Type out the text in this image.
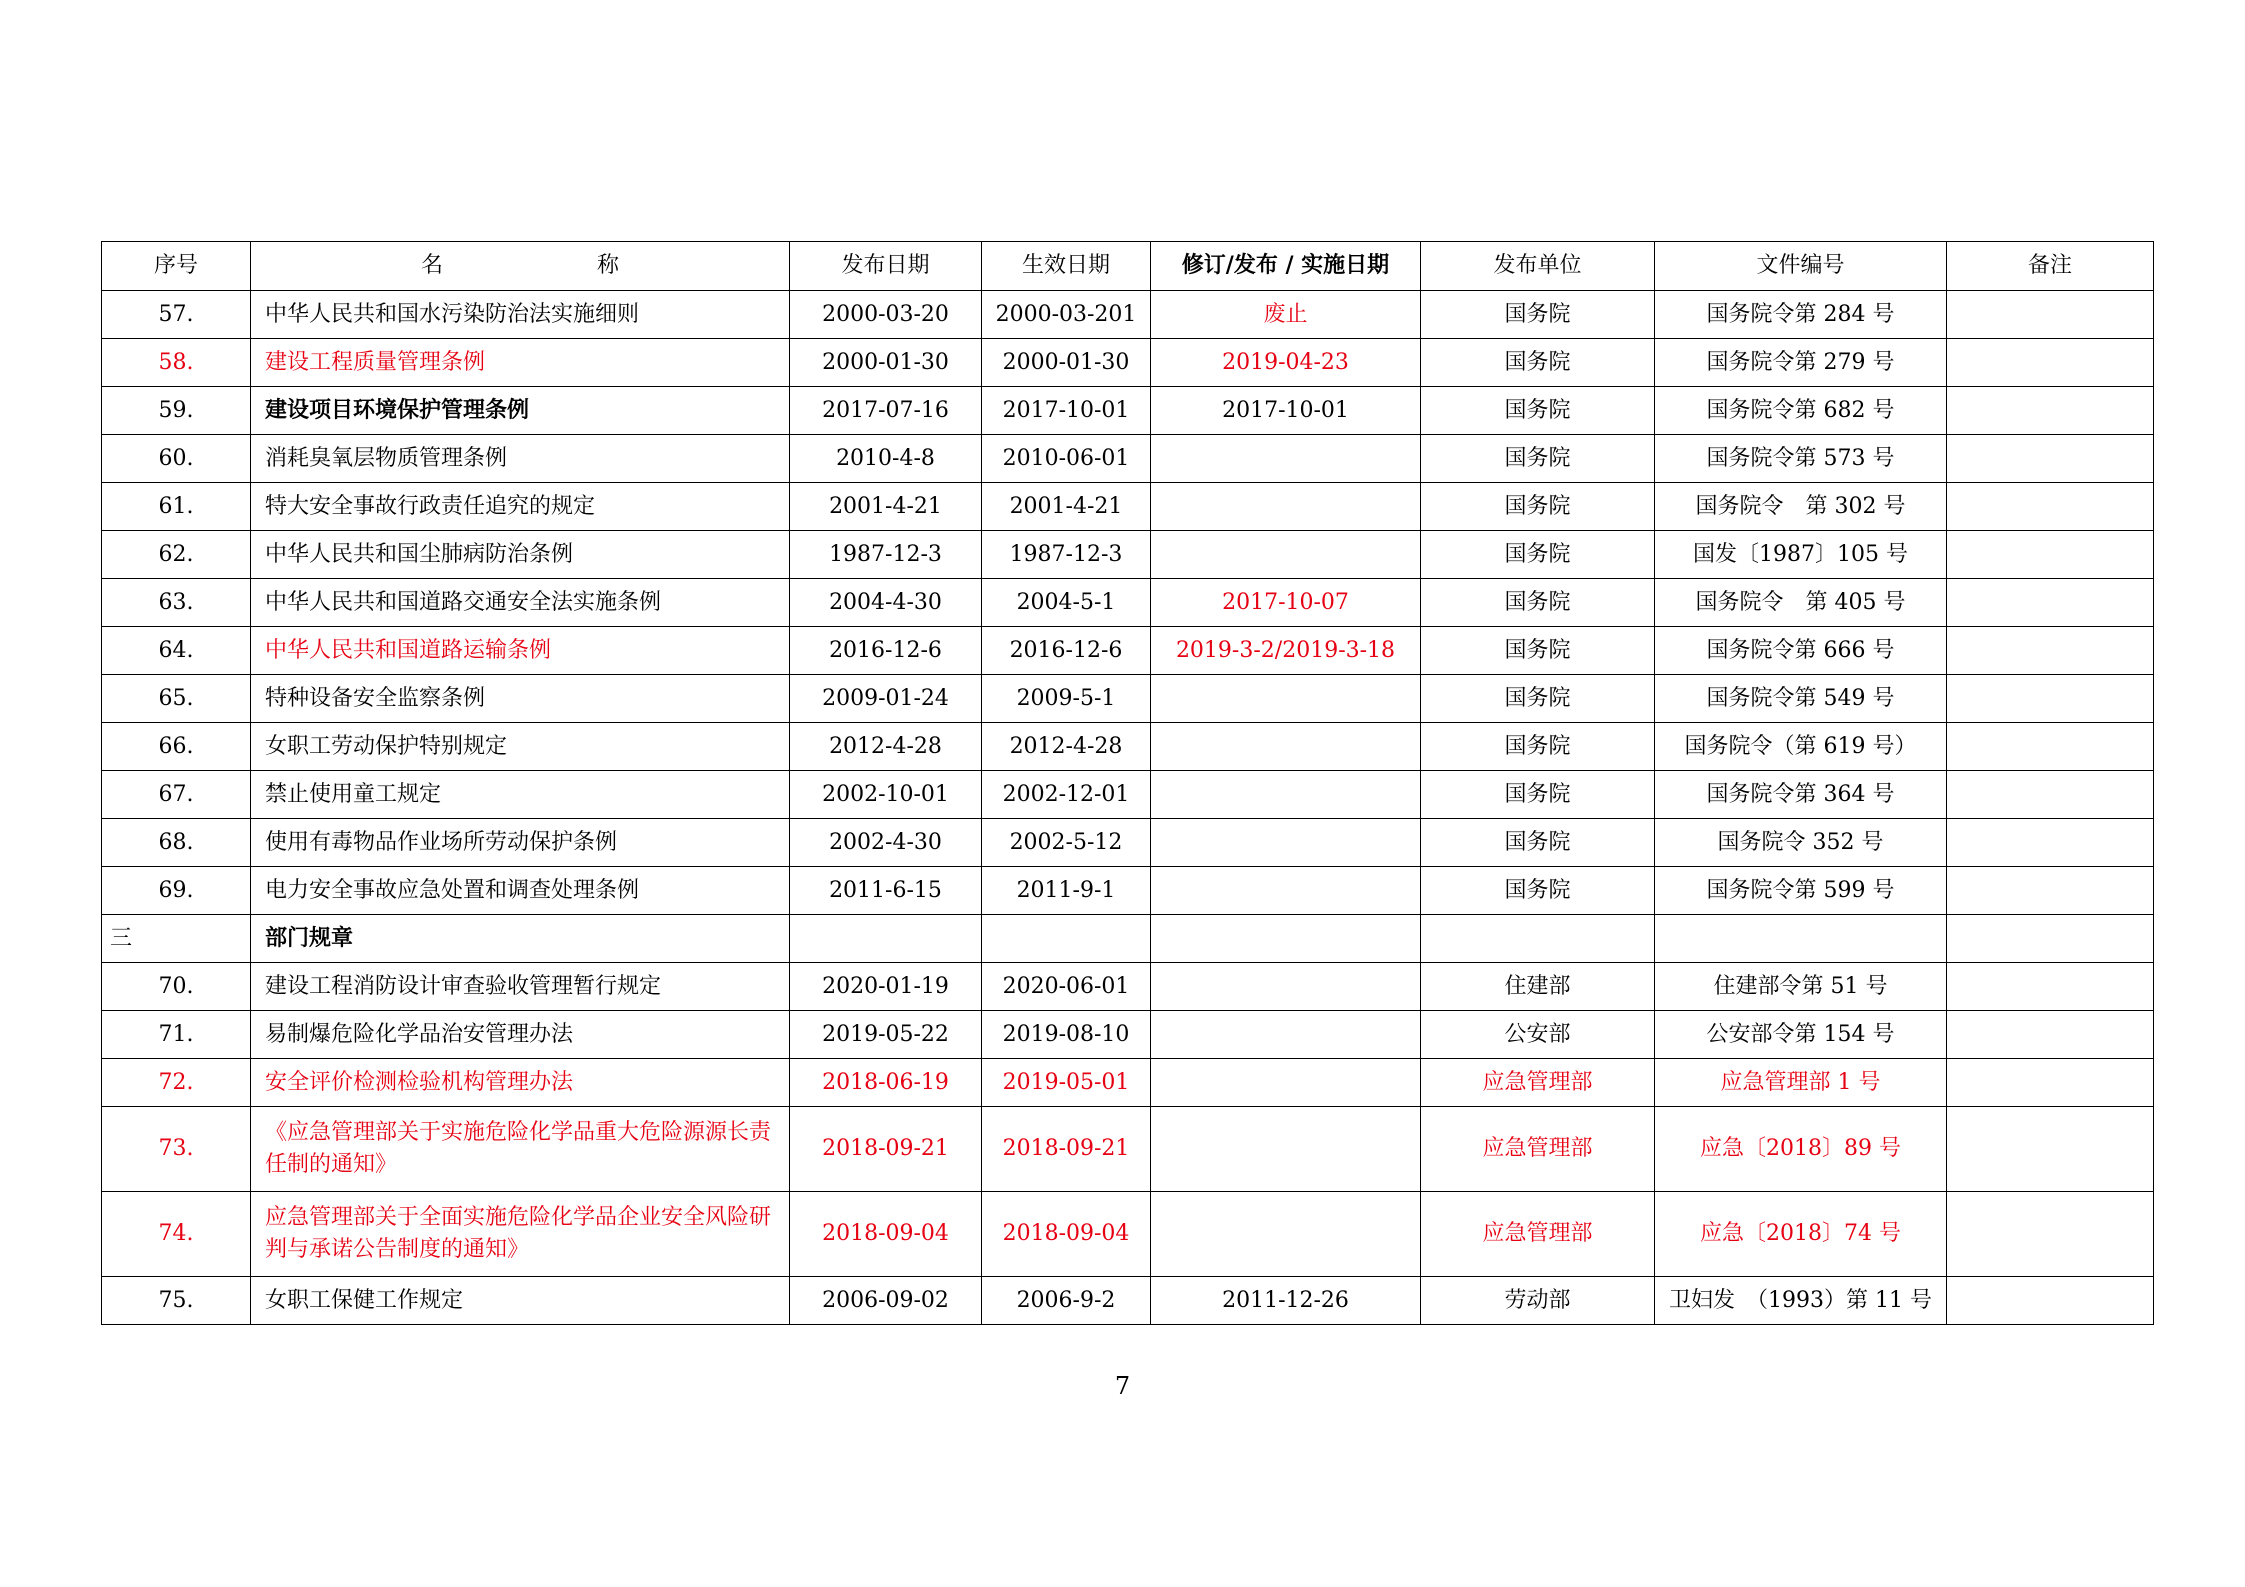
序号	名　　　　　　　称	发布日期	生效日期	修订/发布 / 实施日期	发布单位	文件编号	备注
57.	中华人民共和国水污染防治法实施细则	2000-03-20	2000-03-201	废止	国务院	国务院令第 284 号	
58.	建设工程质量管理条例	2000-01-30	2000-01-30	2019-04-23	国务院	国务院令第 279 号	
59.	建设项目环境保护管理条例	2017-07-16	2017-10-01	2017-10-01	国务院	国务院令第 682 号	
60.	消耗臭氧层物质管理条例	2010-4-8	2010-06-01		国务院	国务院令第 573 号	
61.	特大安全事故行政责任追究的规定	2001-4-21	2001-4-21		国务院	国务院令　第 302 号	
62.	中华人民共和国尘肺病防治条例	1987-12-3	1987-12-3		国务院	国发〔1987〕105 号	
63.	中华人民共和国道路交通安全法实施条例	2004-4-30	2004-5-1	2017-10-07	国务院	国务院令　第 405 号	
64.	中华人民共和国道路运输条例	2016-12-6	2016-12-6	2019-3-2/2019-3-18	国务院	国务院令第 666 号	
65.	特种设备安全监察条例	2009-01-24	2009-5-1		国务院	国务院令第 549 号	
66.	女职工劳动保护特别规定	2012-4-28	2012-4-28		国务院	国务院令（第 619 号）	
67.	禁止使用童工规定	2002-10-01	2002-12-01		国务院	国务院令第 364 号	
68.	使用有毒物品作业场所劳动保护条例	2002-4-30	2002-5-12		国务院	国务院令 352 号	
69.	电力安全事故应急处置和调查处理条例	2011-6-15	2011-9-1		国务院	国务院令第 599 号	
三	部门规章						
70.	建设工程消防设计审查验收管理暂行规定	2020-01-19	2020-06-01		住建部	住建部令第 51 号	
71.	易制爆危险化学品治安管理办法	2019-05-22	2019-08-10		公安部	公安部令第 154 号	
72.	安全评价检测检验机构管理办法	2018-06-19	2019-05-01		应急管理部	应急管理部 1 号	
73.	《应急管理部关于实施危险化学品重大危险源源长责任制的通知》	2018-09-21	2018-09-21		应急管理部	应急〔2018〕89 号	
74.	应急管理部关于全面实施危险化学品企业安全风险研判与承诺公告制度的通知》	2018-09-04	2018-09-04		应急管理部	应急〔2018〕74 号	
75.	女职工保健工作规定	2006-09-02	2006-9-2	2011-12-26	劳动部	卫妇发　（1993）第 11 号	
7
